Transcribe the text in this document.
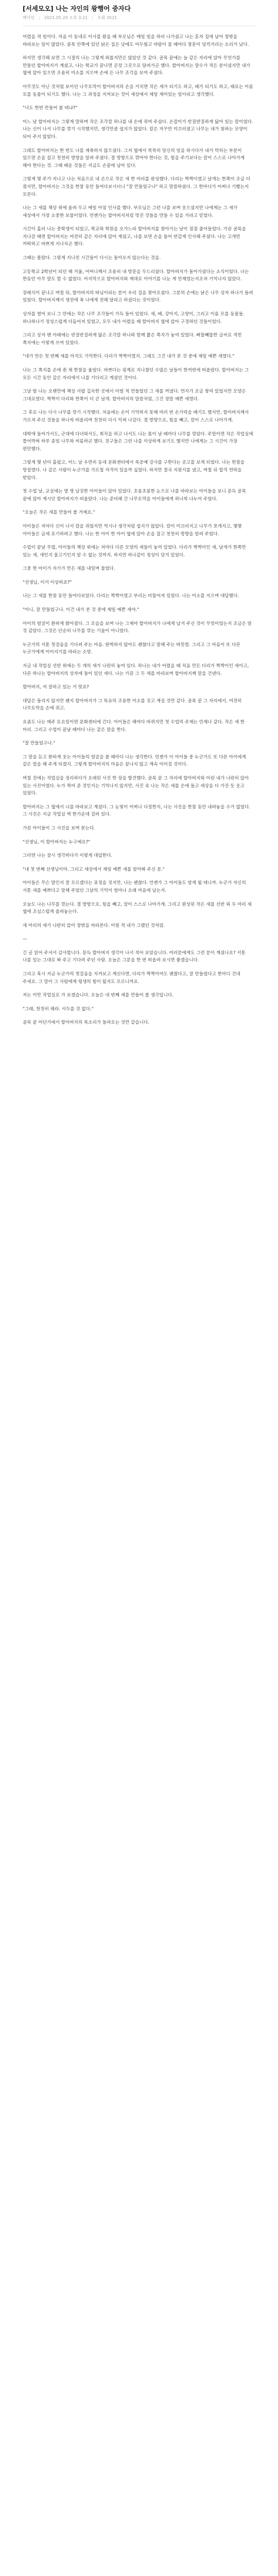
[서세모오] 나는 자인의 왕행어 중자다
백사인 | 2021.05.20 오후 3:21 | 조회 3521

어렸을 적 일이다. 처음 이 동네로 이사를 왔을 때 부모님은 매일 일을 하러 나가셨고 나는 혼자 집에 남아 창밖을 바라보는 일이 많았다. 골목 안쪽에 있던 낡은 집은 낮에도 어두웠고 바람이 불 때마다 창문이 덜컥거리는 소리가 났다.

하지만 생각해 보면 그 시절의 나는 그렇게 외롭지만은 않았던 것 같다. 골목 끝에는 늘 같은 자리에 앉아 무언가를 만들던 할아버지가 계셨고, 나는 학교가 끝나면 곧장 그곳으로 달려가곤 했다. 할아버지는 말수가 적은 분이셨지만 내가 옆에 앉아 있으면 조용히 미소를 지으며 손에 든 나무 조각을 보여 주셨다.

아무것도 아닌 것처럼 보이던 나무토막이 할아버지의 손을 거치면 작은 새가 되기도 하고, 배가 되기도 하고, 때로는 이름 모를 동물이 되기도 했다. 나는 그 과정을 지켜보는 것이 세상에서 제일 재미있는 일이라고 생각했다.

"너도 한번 만들어 볼 테냐?"

어느 날 할아버지는 그렇게 말하며 작은 조각칼 하나를 내 손에 쥐여 주셨다. 손잡이가 반질반질하게 닳아 있는 칼이었다. 나는 신이 나서 나무를 깎기 시작했지만, 생각만큼 쉽지가 않았다. 칼은 자꾸만 미끄러졌고 나무는 내가 원하는 모양이 되어 주지 않았다.

그래도 할아버지는 한 번도 나를 재촉하지 않으셨다. 그저 옆에서 묵묵히 당신의 일을 하시다가 내가 막히는 부분이 있으면 손을 잡고 천천히 방향을 알려 주셨다. 결 방향으로 깎아야 한다는 것, 힘을 주기보다는 칼이 스스로 나아가게 해야 한다는 것. 그때 배운 것들은 지금도 손끝에 남아 있다.

그렇게 몇 주가 지나고 나는 처음으로 내 손으로 작은 새 한 마리를 완성했다. 다리는 짝짝이였고 날개는 한쪽이 조금 더 컸지만, 할아버지는 그것을 한참 동안 들여다보시더니 "잘 만들었구나" 하고 말씀하셨다. 그 한마디가 어찌나 기뻤는지 모른다.

나는 그 새를 책상 위에 올려 두고 매일 아침 인사를 했다. 부모님은 그런 나를 보며 웃으셨지만 나에게는 그 새가 세상에서 가장 소중한 보물이었다. 언젠가는 할아버지처럼 멋진 것들을 만들 수 있을 거라고 믿었다.

시간이 흘러 나는 중학생이 되었고, 학교와 학원을 오가느라 할아버지를 찾아가는 날이 점점 줄어들었다. 가끔 골목을 지나갈 때면 할아버지는 여전히 같은 자리에 앉아 계셨고, 나를 보면 손을 들어 반갑게 인사해 주셨다. 나는 고개만 까딱하고 바쁘게 지나치곤 했다.

그때는 몰랐다. 그렇게 지나친 시간들이 다시는 돌아오지 않는다는 것을.

고등학교 2학년이 되던 해 겨울, 어머니께서 조용히 내 방문을 두드리셨다. 할아버지가 돌아가셨다는 소식이었다. 나는 한동안 아무 말도 할 수 없었다. 마지막으로 할아버지와 제대로 이야기를 나눈 게 언제였는지조차 기억나지 않았다.

장례식이 끝나고 며칠 뒤, 할아버지의 따님이라는 분이 우리 집을 찾아오셨다. 그분의 손에는 낡은 나무 상자 하나가 들려 있었다. 할아버지께서 생전에 꼭 나에게 전해 달라고 하셨다는 것이었다.

상자를 열어 보니 그 안에는 작은 나무 조각들이 가득 들어 있었다. 새, 배, 강아지, 고양이, 그리고 이름 모를 동물들. 하나하나가 정성스럽게 다듬어져 있었고, 모두 내가 어렸을 때 할아버지 옆에 앉아 구경하던 것들이었다.

그리고 상자 맨 아래에는 반질반질하게 닳은 조각칼 하나와 함께 짧은 쪽지가 놓여 있었다. 삐뚤빼뚤한 글씨로 적힌 쪽지에는 이렇게 쓰여 있었다.

"네가 만든 첫 번째 새를 아직도 기억한다. 다리가 짝짝이였지. 그래도 그건 내가 본 것 중에 제일 예쁜 새였다."

나는 그 쪽지를 손에 쥔 채 한참을 울었다. 바쁘다는 핑계로 지나쳤던 수많은 날들이 한꺼번에 떠올랐다. 할아버지는 그 모든 시간 동안 같은 자리에서 나를 기다리고 계셨던 것이다.

그날 밤 나는 오랜만에 책상 서랍 깊숙한 곳에서 어릴 적 만들었던 그 새를 꺼냈다. 먼지가 조금 쌓여 있었지만 모양은 그대로였다. 짝짝이 다리와 한쪽이 더 큰 날개. 할아버지의 말씀처럼, 그건 정말 예쁜 새였다.

그 후로 나는 다시 나무를 깎기 시작했다. 처음에는 손이 기억하지 못해 여러 번 손가락을 베기도 했지만, 할아버지께서 가르쳐 주신 것들을 하나씩 떠올리며 천천히 다시 익혀 나갔다. 결 방향으로, 힘을 빼고, 칼이 스스로 나아가게.

대학에 들어가서도, 군대에 다녀와서도, 취직을 하고 나서도 나는 틈이 날 때마다 나무를 깎았다. 주말이면 작은 작업실에 틀어박혀 하루 종일 나무와 씨름하곤 했다. 친구들은 그런 나를 이상하게 보기도 했지만 나에게는 그 시간이 가장 편안했다.

그렇게 몇 년이 흘렀고, 어느 날 우연히 동네 문화센터에서 목공예 강사를 구한다는 공고를 보게 되었다. 나는 한참을 망설였다. 나 같은 사람이 누군가를 가르칠 자격이 있을까 싶었다. 하지만 결국 지원서를 냈고, 며칠 뒤 합격 연락을 받았다.

첫 수업 날, 교실에는 열 명 남짓한 아이들이 앉아 있었다. 초롱초롱한 눈으로 나를 바라보는 아이들을 보니 문득 골목 끝에 앉아 계시던 할아버지가 떠올랐다. 나는 준비해 간 나무토막을 아이들에게 하나씩 나누어 주었다.

"오늘은 작은 새를 만들어 볼 거예요."

아이들은 저마다 신이 나서 칼을 쥐었지만 역시나 생각처럼 쉽지가 않았다. 칼이 미끄러지고 나무가 쪼개지고, 몇몇 아이들은 금세 포기하려고 했다. 나는 한 아이 한 아이 옆에 앉아 손을 잡고 천천히 방향을 알려 주었다.

수업이 끝날 무렵, 아이들의 책상 위에는 저마다 다른 모양의 새들이 놓여 있었다. 다리가 짝짝이인 새, 날개가 한쪽만 있는 새, 새인지 물고기인지 알 수 없는 것까지. 하지만 하나같이 정성이 담겨 있었다.

그중 한 아이가 자기가 만든 새를 내밀며 물었다.

"선생님, 이거 이상하죠?"

나는 그 새를 한참 동안 들여다보았다. 다리는 짝짝이였고 부리는 비뚤어져 있었다. 나는 미소를 지으며 대답했다.

"아니, 잘 만들었구나. 이건 내가 본 것 중에 제일 예쁜 새야."

아이의 얼굴이 환하게 밝아졌다. 그 모습을 보며 나는 그제야 할아버지가 나에게 남겨 주신 것이 무엇이었는지 조금은 알 것 같았다. 그것은 단순히 나무를 깎는 기술이 아니었다.

누군가의 서툰 첫걸음을 기다려 주는 마음. 완벽하지 않아도 괜찮다고 말해 주는 따뜻함. 그리고 그 마음이 또 다른 누군가에게 이어지기를 바라는 소망.

지금 내 작업실 선반 위에는 두 개의 새가 나란히 놓여 있다. 하나는 내가 어렸을 때 처음 만든 다리가 짝짝이인 새이고, 다른 하나는 할아버지의 상자에 들어 있던 새다. 나는 가끔 그 두 새를 바라보며 할아버지께 말을 건넨다.

할아버지, 저 잘하고 있는 거 맞죠?

대답은 들리지 않지만 왠지 할아버지가 그 특유의 조용한 미소를 짓고 계실 것만 같다. 골목 끝 그 자리에서, 여전히 나무토막을 손에 쥐고.

요즘도 나는 매주 토요일이면 문화센터에 간다. 아이들은 해마다 바뀌지만 첫 수업의 주제는 언제나 같다. 작은 새 한 마리. 그리고 수업이 끝날 때마다 나는 같은 말을 한다.

"잘 만들었구나."

그 말을 듣고 환하게 웃는 아이들의 얼굴을 볼 때마다 나는 생각한다. 언젠가 이 아이들 중 누군가도 또 다른 아이에게 같은 말을 해 주게 되겠지. 그렇게 할아버지의 마음은 끝나지 않고 계속 이어질 것이다.

며칠 전에는 작업실을 정리하다가 오래된 사진 한 장을 발견했다. 골목 끝 그 자리에 할아버지와 어린 내가 나란히 앉아 있는 사진이었다. 누가 찍어 준 것인지는 기억나지 않지만, 사진 속 나는 작은 새를 손에 들고 세상을 다 가진 듯 웃고 있었다.

할아버지는 그 옆에서 나를 바라보고 계셨다. 그 눈빛이 어찌나 다정한지, 나는 사진을 한참 동안 내려놓을 수가 없었다. 그 사진은 지금 작업실 벽 한가운데 걸려 있다.

가끔 아이들이 그 사진을 보며 묻는다.

"선생님, 이 할아버지는 누구예요?"

그러면 나는 잠시 생각하다가 이렇게 대답한다.

"내 첫 번째 선생님이야. 그리고 세상에서 제일 예쁜 새를 알아봐 주신 분."

아이들은 무슨 말인지 잘 모르겠다는 표정을 짓지만, 나는 괜찮다. 언젠가 그 아이들도 알게 될 테니까. 누군가 자신의 서툰 새를 예쁘다고 말해 주었던 그날의 기억이 얼마나 오래 마음에 남는지.

오늘도 나는 나무를 깎는다. 결 방향으로, 힘을 빼고, 칼이 스스로 나아가게. 그리고 완성된 작은 새를 선반 위 두 마리 새 옆에 조심스럽게 올려놓는다.

세 마리의 새가 나란히 앉아 창밖을 바라본다. 어릴 적 내가 그랬던 것처럼.

—

긴 글 읽어 주셔서 감사합니다. 문득 할아버지 생각이 나서 적어 보았습니다. 여러분에게도 그런 분이 계셨나요? 서툰 나를 있는 그대로 봐 주고 기다려 주던 사람. 오늘은 그분을 한 번 떠올려 보시면 좋겠습니다.

그리고 혹시 지금 누군가의 첫걸음을 지켜보고 계신다면, 다리가 짝짝이여도 괜찮다고, 잘 만들었다고 한마디 건네 주세요. 그 말이 그 사람에게 평생의 힘이 될지도 모르니까요.

저는 이만 작업실로 가 보겠습니다. 오늘은 네 번째 새를 만들어 볼 생각입니다.

"그래, 천천히 해라. 서두를 것 없다."

골목 끝 어딘가에서 할아버지의 목소리가 들려오는 것만 같습니다.
